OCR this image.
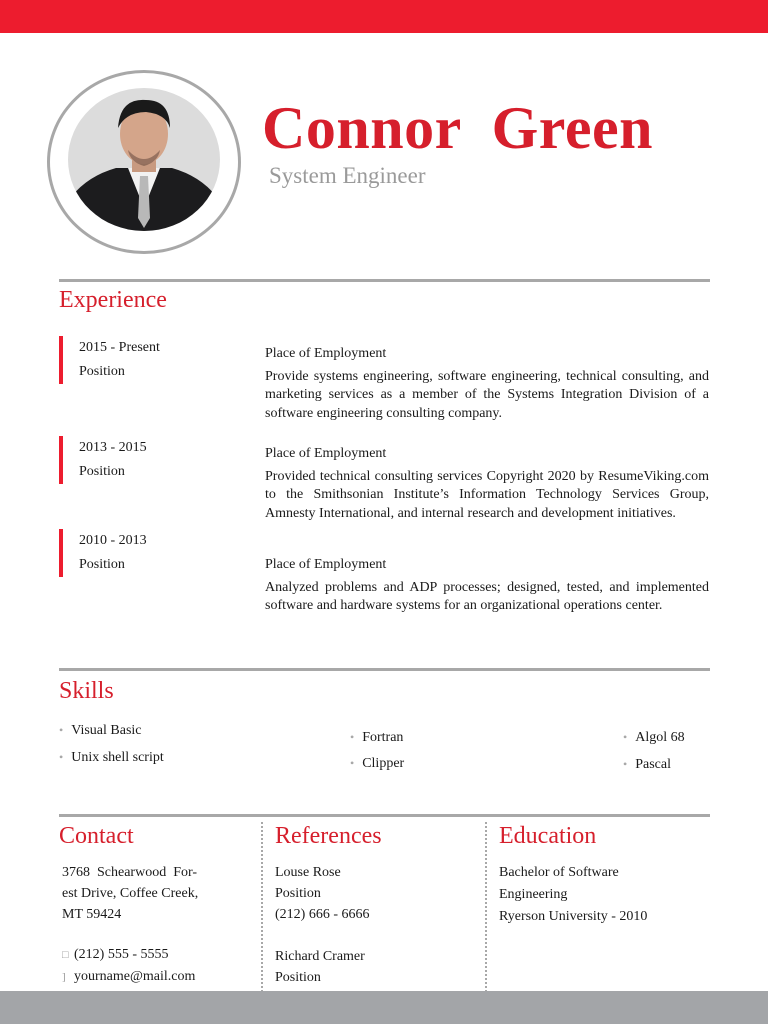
Connor  Green
System Engineer
Experience
2015 - Present
Position
Place of Employment
Provide systems engineering, software engineering, technical consulting, and marketing services as a member of the Systems Integration Division of a software engineering consulting company.
2013 - 2015
Position
Place of Employment
Provided technical consulting services Copyright 2020 by ResumeViking.com to the Smithsonian Institute’s Information Technology Services Group, Amnesty International, and internal research and development initiatives.
2010 - 2013
Position	Place of Employment
Analyzed problems and ADP processes; designed, tested, and implemented software and hardware systems for an organizational operations center.
Skills
• Visual Basic
• Unix shell script
• Fortran
• Clipper
• Algol 68
• Pascal
Contact
3768  Schearwood  For-
est Drive, Coffee Creek,
MT 59424
□ (212) 555 - 5555
] yourname@mail.com
References
Louse Rose
Position
(212) 666 - 6666
Richard Cramer
Position
Education
Bachelor of Software
Engineering
Ryerson University - 2010
